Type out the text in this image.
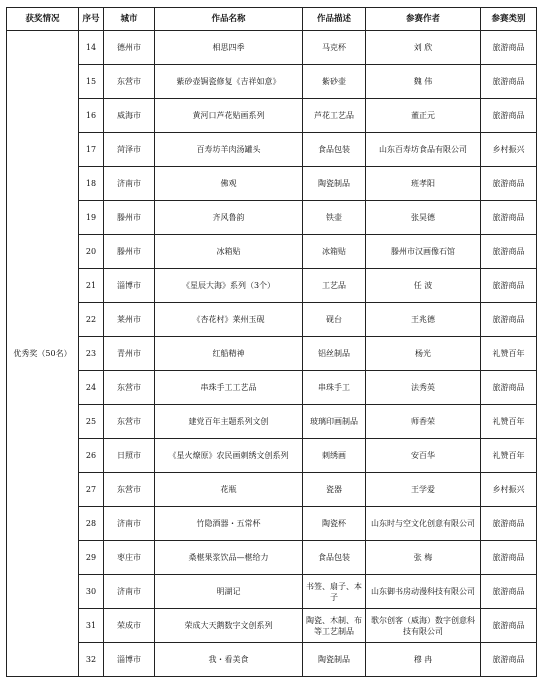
获奖情况	序号	城市	作品名称	作品描述	参赛作者	参赛类别
优秀奖（50名）	14	德州市	相思四季	马克杯	刘 欣	旅游商品
	15	东营市	紫砂壶锔瓷修复《吉祥如意》	紫砂壶	魏 伟	旅游商品
	16	威海市	黄河口芦花贴画系列	芦花工艺品	董正元	旅游商品
	17	菏泽市	百寿坊羊肉汤罐头	食品包装	山东百寿坊食品有限公司	乡村振兴
	18	济南市	佛观	陶瓷制品	班孝阳	旅游商品
	19	滕州市	齐风鲁韵	铁壶	张昊德	旅游商品
	20	滕州市	冰箱贴	冰箱贴	滕州市汉画像石馆	旅游商品
	21	淄博市	《星辰大海》系列（3个）	工艺品	任 波	旅游商品
	22	莱州市	《杏花村》莱州玉砚	砚台	王兆德	旅游商品
	23	青州市	红船精神	铝丝制品	杨光	礼赞百年
	24	东营市	串珠手工工艺品	串珠手工	法秀英	旅游商品
	25	东营市	建党百年主题系列文创	玻璃印画制品	师香荣	礼赞百年
	26	日照市	《星火燎原》农民画刺绣文创系列	刺绣画	安百华	礼赞百年
	27	东营市	花瓶	瓷器	王学爱	乡村振兴
	28	济南市	竹隐酒器・五常杯	陶瓷杯	山东时与空文化创意有限公司	旅游商品
	29	枣庄市	桑椹果浆饮品—椹给力	食品包装	张 梅	旅游商品
	30	济南市	明湖记	书签、扇子、本子	山东御书房动漫科技有限公司	旅游商品
	31	荣成市	荣成大天鹅数字文创系列	陶瓷、木制、布等工艺制品	歌尔创客（威海）数字创意科技有限公司	旅游商品
	32	淄博市	我・看美食	陶瓷制品	穆 冉	旅游商品
